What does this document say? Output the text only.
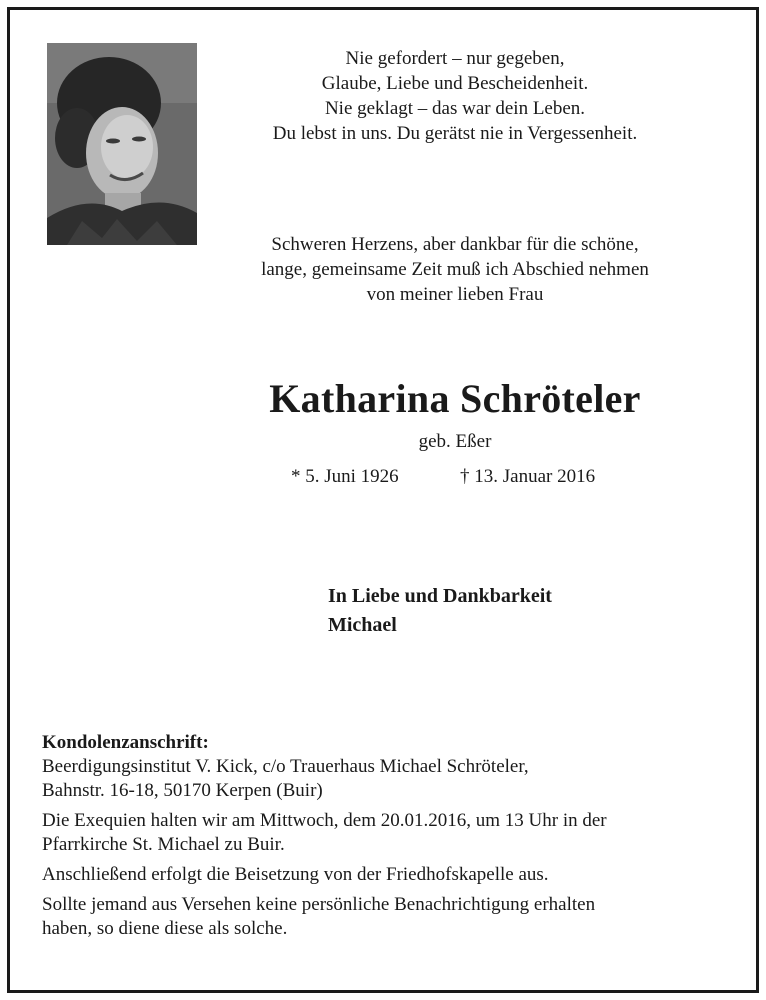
Nie gefordert – nur gegeben,

Glaube, Liebe und Bescheidenheit.

Nie geklagt – das war dein Leben.

Du lebst in uns. Du gerätst nie in Vergessenheit.

Schweren Herzens, aber dankbar für die schöne,

lange, gemeinsame Zeit muß ich Abschied nehmen

von meiner lieben Frau

Katharina Schröteler
geb. Eßer
* 5. Juni 1926	† 13. Januar 2016

In Liebe und Dankbarkeit

Michael

Kondolenzanschrift:

Beerdigungsinstitut V. Kick, c/o Trauerhaus Michael Schröteler,

Bahnstr. 16-18, 50170 Kerpen (Buir)

Die Exequien halten wir am Mittwoch, dem 20.01.2016, um 13 Uhr in der

Pfarrkirche St. Michael zu Buir.

Anschließend erfolgt die Beisetzung von der Friedhofskapelle aus.

Sollte jemand aus Versehen keine persönliche Benachrichtigung erhalten

haben, so diene diese als solche.
